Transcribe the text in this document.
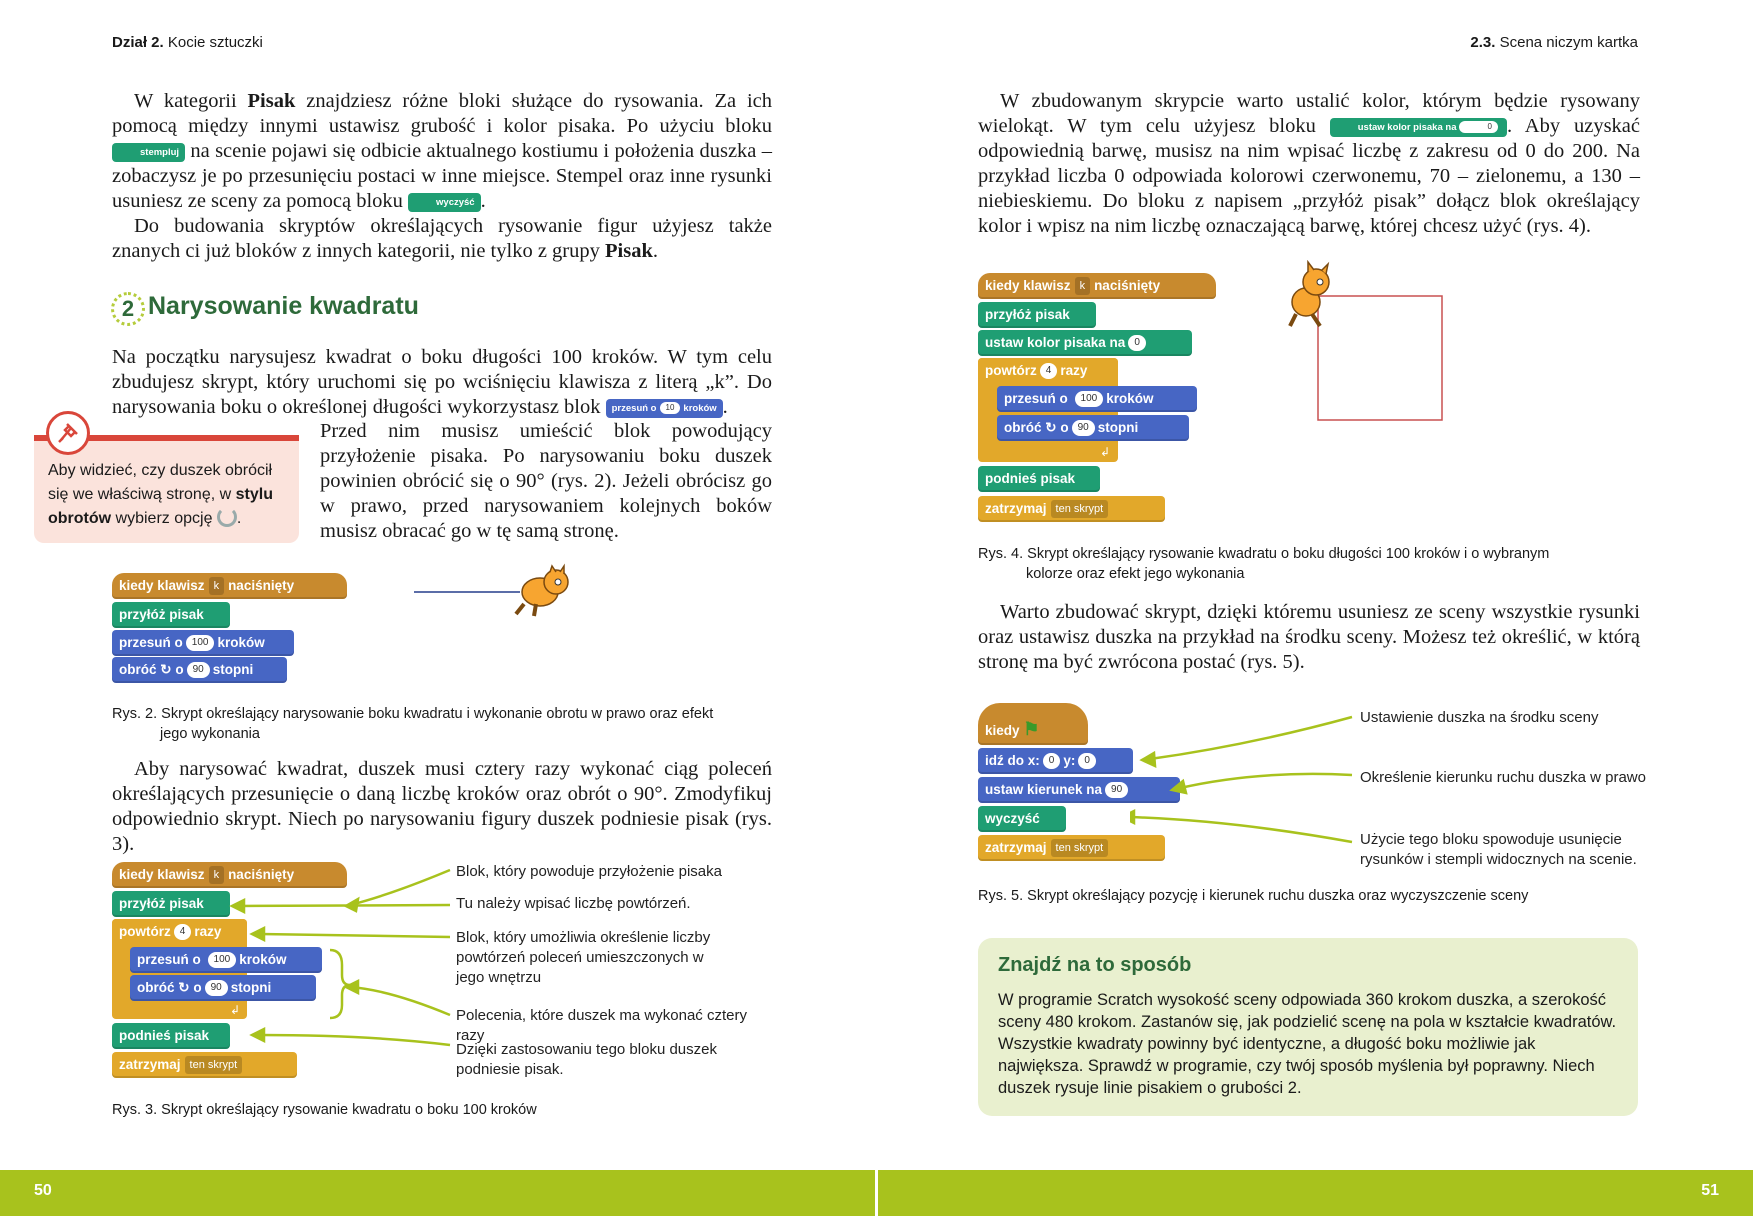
Dział 2. Kocie sztuczki	2.3. Scena niczym kartka
W kategorii Pisak znajdziesz różne bloki służące do rysowania. Za ich pomocą między innymi ustawisz grubość i kolor pisaka. Po użyciu bloku stempluj na scenie pojawi się odbicie aktualnego kostiumu i położenia duszka – zobaczysz je po przesunięciu postaci w inne miejsce. Stempel oraz inne rysunki usuniesz ze sceny za pomocą bloku	wyczyść .
Do budowania skryptów określających rysowanie figur użyjesz także znanych ci już bloków z innych kategorii, nie tylko z grupy Pisak.
2 Narysowanie kwadratu
Na początku narysujesz kwadrat o boku długości 100 kroków. W tym celu zbudujesz skrypt, który uruchomi się po wciśnięciu klawisza z literą „k”. Do narysowania boku o określonej długości wykorzystasz blok przesuń o 10 kroków .
Przed nim musisz umieścić blok powodujący przyłożenie pisaka. Po narysowaniu boku duszek powinien obrócić się o 90° (rys. 2). Jeżeli obrócisz go w prawo, przed narysowaniem kolejnych boków musisz obracać go w tę samą stronę.
Aby widzieć, czy duszek obrócił się we właściwą stronę, w stylu obrotów wybierz opcję .
kiedy klawisz k naciśnięty
przyłóż pisak
przesuń o 100 kroków
obróć ↻ o 90 stopni
Rys. 2. Skrypt określający narysowanie boku kwadratu i wykonanie obrotu w prawo oraz efekt
jego wykonania
Aby narysować kwadrat, duszek musi cztery razy wykonać ciąg poleceń określających przesunięcie o daną liczbę kroków oraz obrót o 90°. Zmodyfikuj odpowiednio skrypt. Niech po narysowaniu figury duszek podniesie pisak (rys. 3).
kiedy klawisz k naciśnięty
przyłóż pisak
powtórz 4 razy
przesuń o 100 kroków
obróć ↻ o 90 stopni
↲
podnieś pisak
zatrzymaj ten skrypt
Blok, który powoduje przyłożenie pisaka
Tu należy wpisać liczbę powtórzeń.
Blok, który umożliwia określenie liczby powtórzeń poleceń umieszczonych w jego wnętrzu
Polecenia, które duszek ma wykonać cztery razy
Dzięki zastosowaniu tego bloku duszek podniesie pisak.
Rys. 3. Skrypt określający rysowanie kwadratu o boku 100 kroków
W zbudowanym skrypcie warto ustalić kolor, którym będzie rysowany wielokąt. W tym celu użyjesz bloku	ustaw kolor pisaka na	0 . Aby uzyskać odpowiednią barwę, musisz na nim wpisać liczbę z zakresu od 0 do 200. Na przykład liczba 0 odpowiada kolorowi czerwonemu, 70 – zielonemu, a 130 – niebieskiemu. Do bloku z napisem „przyłóż pisak” dołącz blok określający kolor i wpisz na nim liczbę oznaczającą barwę, której chcesz użyć (rys. 4).
kiedy klawisz k naciśnięty
przyłóż pisak
ustaw kolor pisaka na 0
powtórz 4 razy
przesuń o 100 kroków
obróć ↻ o 90 stopni
↲
podnieś pisak
zatrzymaj ten skrypt
Rys. 4. Skrypt określający rysowanie kwadratu o boku długości 100 kroków i o wybranym
kolorze oraz efekt jego wykonania
Warto zbudować skrypt, dzięki któremu usuniesz ze sceny wszystkie rysunki oraz ustawisz duszka na przykład na środku sceny. Możesz też określić, w którą stronę ma być zwrócona postać (rys. 5).
kiedy ⚑
idź do x: 0 y: 0
ustaw kierunek na 90
wyczyść
zatrzymaj ten skrypt
Ustawienie duszka na środku sceny
Określenie kierunku ruchu duszka w prawo
Użycie tego bloku spowoduje usunięcie rysunków i stempli widocznych na scenie.
Rys. 5. Skrypt określający pozycję i kierunek ruchu duszka oraz wyczyszczenie sceny
Znajdź na to sposób
W programie Scratch wysokość sceny odpowiada 360 krokom duszka, a szerokość sceny 480 krokom. Zastanów się, jak podzielić scenę na pola w kształcie kwadratów. Wszystkie kwadraty powinny być identyczne, a długość boku możliwie jak największa. Sprawdź w programie, czy twój sposób myślenia był poprawny. Niech duszek rysuje linie pisakiem o grubości 2.
50	51
